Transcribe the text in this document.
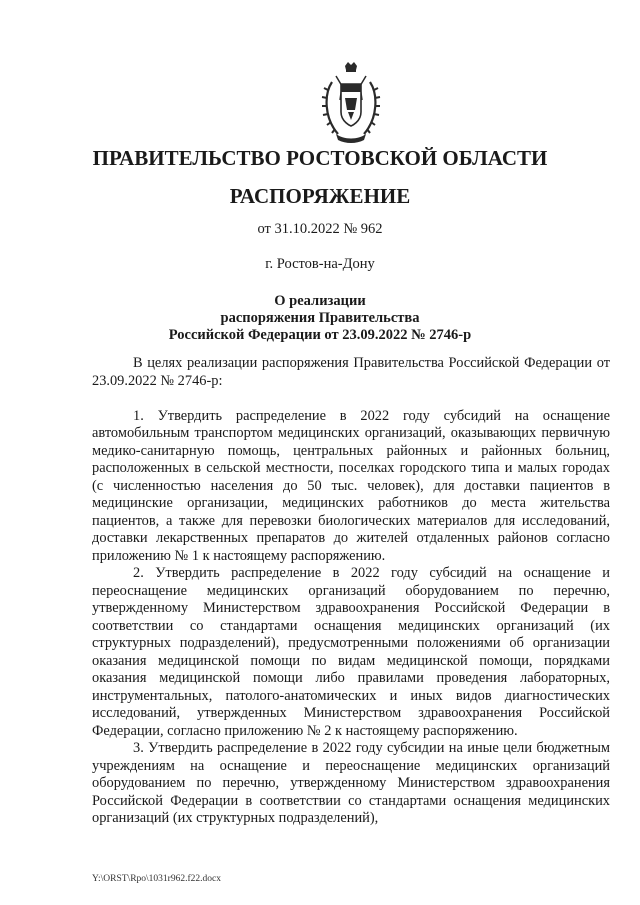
ПРАВИТЕЛЬСТВО РОСТОВСКОЙ ОБЛАСТИ
РАСПОРЯЖЕНИЕ
от 31.10.2022 № 962
г. Ростов-на-Дону
О реализации
распоряжения Правительства
Российской Федерации от 23.09.2022 № 2746-р

В целях реализации распоряжения Правительства Российской Федерации от 23.09.2022 № 2746-р:

1. Утвердить распределение в 2022 году субсидий на оснащение автомобильным транспортом медицинских организаций, оказывающих первичную медико-санитарную помощь, центральных районных и районных больниц, расположенных в сельской местности, поселках городского типа и малых городах (с численностью населения до 50 тыс. человек), для доставки пациентов в медицинские организации, медицинских работников до места жительства пациентов, а также для перевозки биологических материалов для исследований, доставки лекарственных препаратов до жителей отдаленных районов согласно приложению № 1 к настоящему распоряжению.

2. Утвердить распределение в 2022 году субсидий на оснащение и переоснащение медицинских организаций оборудованием по перечню, утвержденному Министерством здравоохранения Российской Федерации в соответствии со стандартами оснащения медицинских организаций (их структурных подразделений), предусмотренными положениями об организации оказания медицинской помощи по видам медицинской помощи, порядками оказания медицинской помощи либо правилами проведения лабораторных, инструментальных, патолого-анатомических и иных видов диагностических исследований, утвержденных Министерством здравоохранения Российской Федерации, согласно приложению № 2 к настоящему распоряжению.

3. Утвердить распределение в 2022 году субсидии на иные цели бюджетным учреждениям на оснащение и переоснащение медицинских организаций оборудованием по перечню, утвержденному Министерством здравоохранения Российской Федерации в соответствии со стандартами оснащения медицинских организаций (их структурных подразделений),

Y:\ORST\Rpo\1031r962.f22.docx
